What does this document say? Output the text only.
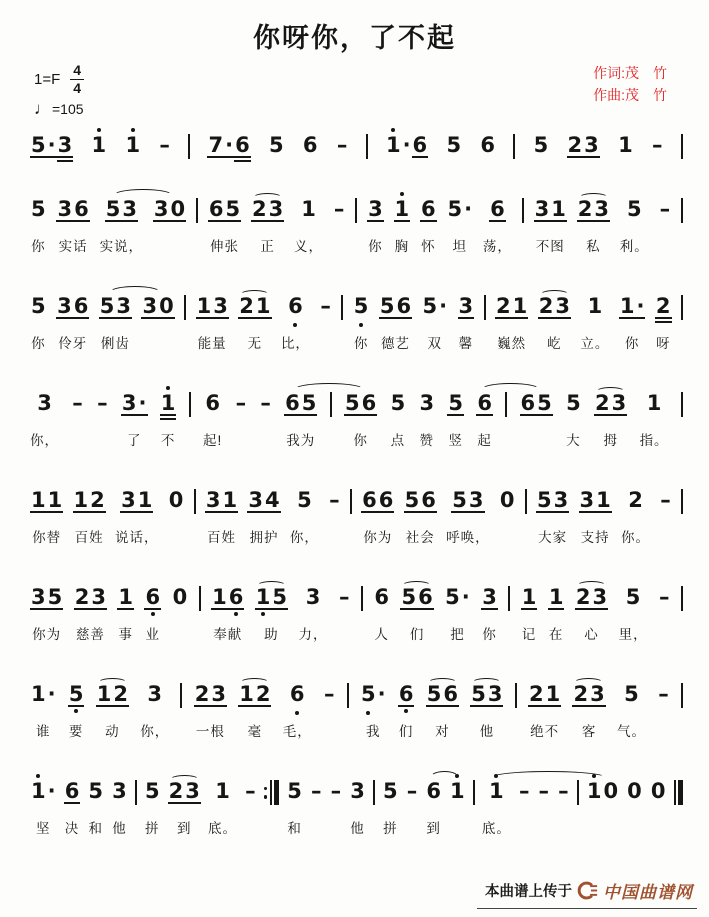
你呀你，了不起
1=F
4
4
♩ =105
作词:茂　竹
作曲:茂　竹
5 · 3 1 1 – 7 · 6 5 6 – 1 · 6 5 6 5 2 3 1 –
5
你
3 6
实话
5 3
实说，
3 0 6 5
伸张
2 3
正
1
义，
– 3
你
1
胸
6
怀
5 ·
坦
6
荡，
3 1
不图
2 3
私
5
利。
–
5
你
3 6
伶牙
5 3
俐齿
3 0 1 3
能量
2 1
无
6
比，
– 5
你
5 6
德艺
5 ·
双
3
馨
2 1
巍然
2 3
屹
1
立。
1 ·
你
2
呀
3
你，
– – 3 ·
了
1
不
6
起!
– – 6 5
我为
5 6
你
5
点
3
赞
5
竖
6
起
6 5 5
大
2 3
拇
1
指。
1 1
你替
1 2
百姓
3 1
说话，
0 3 1
百姓
3 4
拥护
5
你，
– 6 6
你为
5 6
社会
5 3
呼唤，
0 5 3
大家
3 1
支持
2
你。
–
3 5
你为
2 3
慈善
1
事
6
业
0 1 6
奉献
1 5
助
3
力，
– 6
人
5 6
们
5 ·
把
3
你
1
记
1
在
2 3
心
5
里，
–
1 ·
谁
5
要
1 2
动
3
你，
2 3
一根
1 2
毫
6
毛，
– 5 ·
我
6
们
5 6
对
5 3
他
2 1
绝不
2 3
客
5
气。
–
1 ·
坚
6
决
5
和
3
他
5
拼
2 3
到
1
底。
– 5
和
– – 3
他
5
拼
– 6
到
1 1
底。
– – – 1 0 0 0
本曲谱上传于 中国曲谱网
